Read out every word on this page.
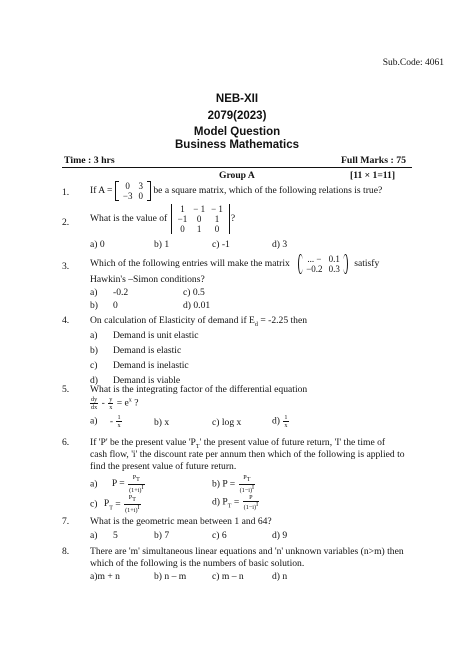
Sub.Code: 4061
NEB-XII
2079(2023)
Model Question
Business Mathematics
Time : 3 hrs	Full Marks : 75
Group A	[11 × 1=11]
1. If A = 0	3
−3	0 be a square matrix, which of the following relations is true?
2. What is the value of
1	− 1	− 1
−1	0	1
0	1	0
?
a) 0	b) 1	c) -1	d) 3
3. Which of the following entries will make the matrix ... −	0.1
−0.2	0.3 satisfy
Hawkin's –Simon conditions?
a) -0.2	c) 0.5
b) 0	d) 0.01
4. On calculation of Elasticity of demand if $E_d = -2.25$ then
a) Demand is unit elastic
b) Demand is elastic
c) Demand is inelastic
d) Demand is viable
5. What is the integrating factor of the differential equation
$\frac{dy}{dx} - \frac{y}{x} = e^x$ ?
$a) - \frac{1}{x}$	b) x	c) log x	$d) \frac{1}{x}$
6. If 'P' be the present value '$P_T$' the present value of future return, 'I' the time of
cash flow, 'i' the discount rate per annum then which of the following is applied to
find the present value of future return.
a) $P = \frac{P_T}{(1+i)^I}$	b) $P = \frac{P_T}{(1-i)^I}$
c) $P_T = \frac{P_T}{(1+i)^I}$	d) $P_T = \frac{P}{(1-i)^I}$
7. What is the geometric mean between 1 and 64?
a) 5	b) 7	c) 6	d) 9
8. There are 'm' simultaneous linear equations and 'n' unknown variables (n>m) then
which of the following is the numbers of basic solution.
a)m + n	b) n – m	c) m – n	d) n
